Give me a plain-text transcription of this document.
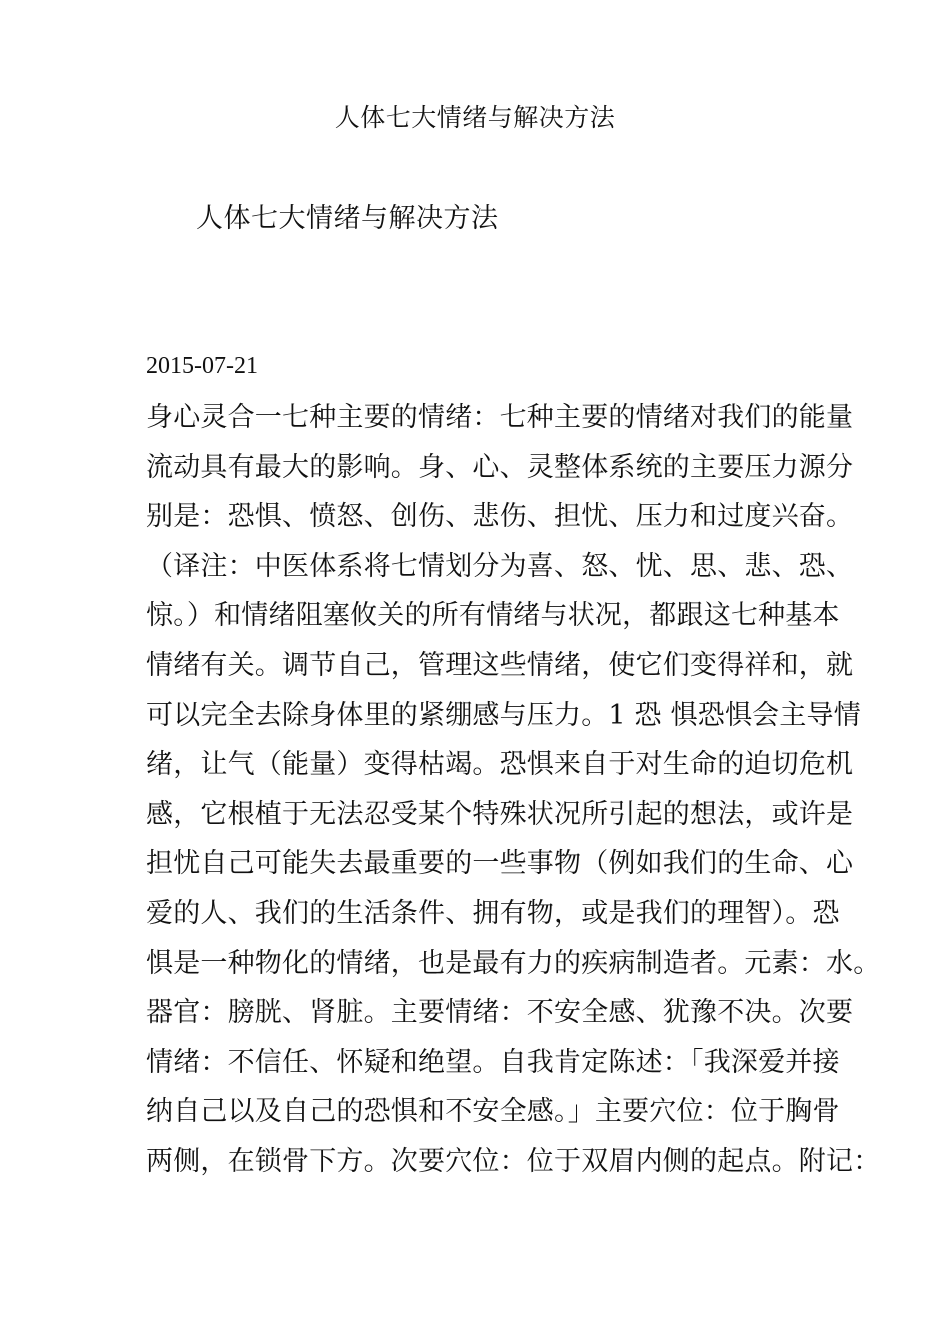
人体七大情绪与解决方法
人体七大情绪与解决方法
2015-07-21
身心灵合一七种主要的情绪：七种主要的情绪对我们的能量
流动具有最大的影响。身、心、灵整体系统的主要压力源分
别是：恐惧、愤怒、创伤、悲伤、担忧、压力和过度兴奋。
（译注：中医体系将七情划分为喜、怒、忧、思、悲、恐、
惊。）和情绪阻塞攸关的所有情绪与状况，都跟这七种基本
情绪有关。调节自己，管理这些情绪，使它们变得祥和，就
可以完全去除身体里的紧绷感与压力。1 恐 惧恐惧会主导情
绪，让气（能量）变得枯竭。恐惧来自于对生命的迫切危机
感，它根植于无法忍受某个特殊状况所引起的想法，或许是
担忧自己可能失去最重要的一些事物（例如我们的生命、心
爱的人、我们的生活条件、拥有物，或是我们的理智）。恐
惧是一种物化的情绪，也是最有力的疾病制造者。元素：水。
器官：膀胱、肾脏。主要情绪：不安全感、犹豫不决。次要
情绪：不信任、怀疑和绝望。自我肯定陈述：「我深爱并接
纳自己以及自己的恐惧和不安全感。」主要穴位：位于胸骨
两侧，在锁骨下方。次要穴位：位于双眉内侧的起点。附记：
